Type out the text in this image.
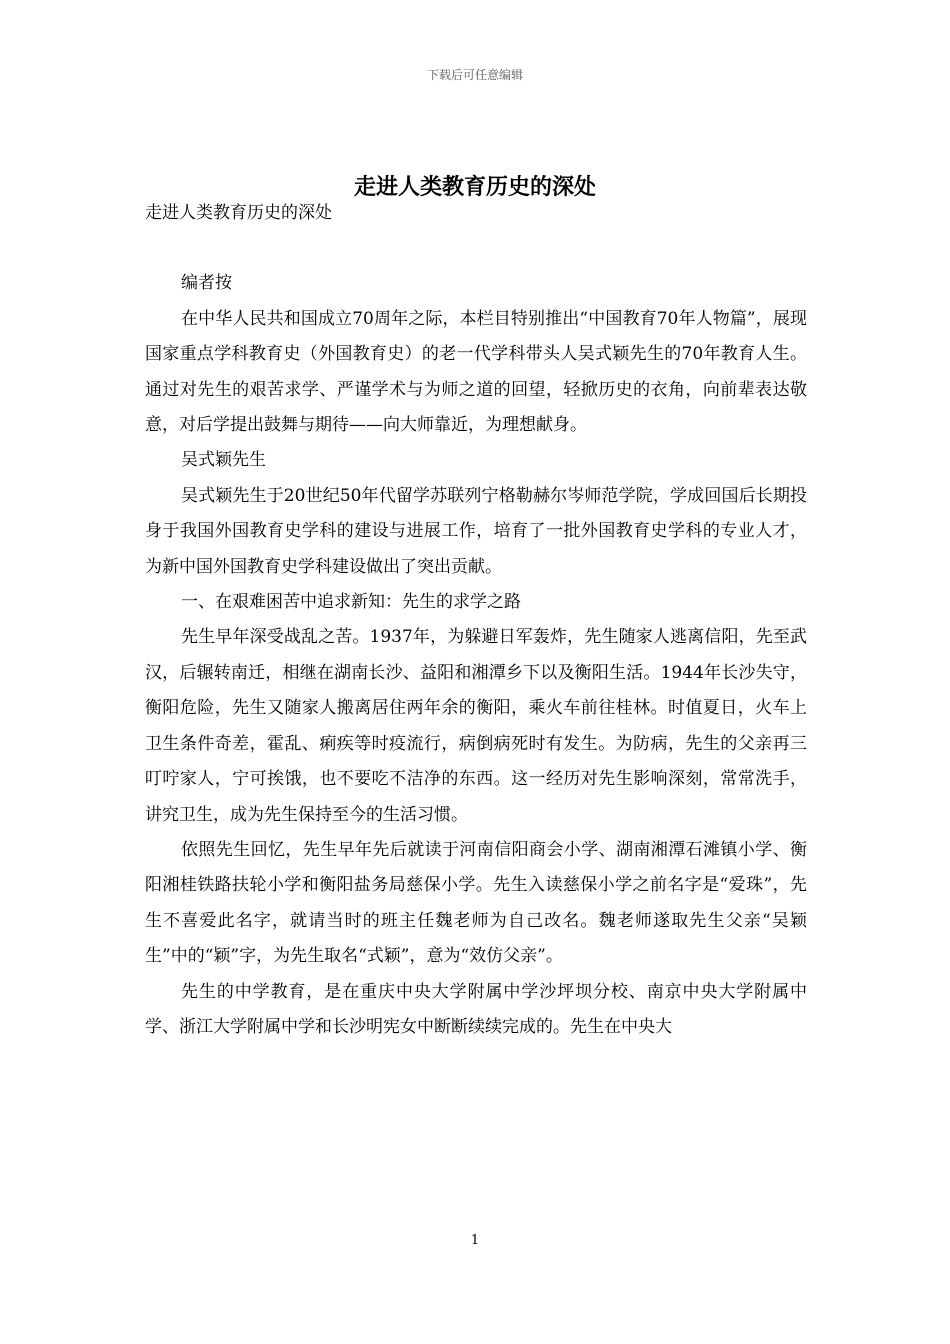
下载后可任意编辑
走进人类教育历史的深处

走进人类教育历史的深处

编者按

在中华人民共和国成立70周年之际，本栏目特别推出“中国教育70年人物篇”，展现国家重点学科教育史（外国教育史）的老一代学科带头人吴式颖先生的70年教育人生。通过对先生的艰苦求学、严谨学术与为师之道的回望，轻掀历史的衣角，向前辈表达敬意，对后学提出鼓舞与期待——向大师靠近，为理想献身。

吴式颖先生

吴式颖先生于20世纪50年代留学苏联列宁格勒赫尔岑师范学院，学成回国后长期投身于我国外国教育史学科的建设与进展工作，培育了一批外国教育史学科的专业人才，为新中国外国教育史学科建设做出了突出贡献。

一、在艰难困苦中追求新知：先生的求学之路

先生早年深受战乱之苦。1937年，为躲避日军轰炸，先生随家人逃离信阳，先至武汉，后辗转南迁，相继在湖南长沙、益阳和湘潭乡下以及衡阳生活。1944年长沙失守，衡阳危险，先生又随家人搬离居住两年余的衡阳，乘火车前往桂林。时值夏日，火车上卫生条件奇差，霍乱、痢疾等时疫流行，病倒病死时有发生。为防病，先生的父亲再三叮咛家人，宁可挨饿，也不要吃不洁净的东西。这一经历对先生影响深刻，常常洗手，讲究卫生，成为先生保持至今的生活习惯。

依照先生回忆，先生早年先后就读于河南信阳商会小学、湖南湘潭石滩镇小学、衡阳湘桂铁路扶轮小学和衡阳盐务局慈保小学。先生入读慈保小学之前名字是“爱珠”，先生不喜爱此名字，就请当时的班主任魏老师为自己改名。魏老师遂取先生父亲“吴颖生”中的“颖”字，为先生取名“式颖”，意为“效仿父亲”。

先生的中学教育，是在重庆中央大学附属中学沙坪坝分校、南京中央大学附属中学、浙江大学附属中学和长沙明宪女中断断续续完成的。先生在中央大

1
